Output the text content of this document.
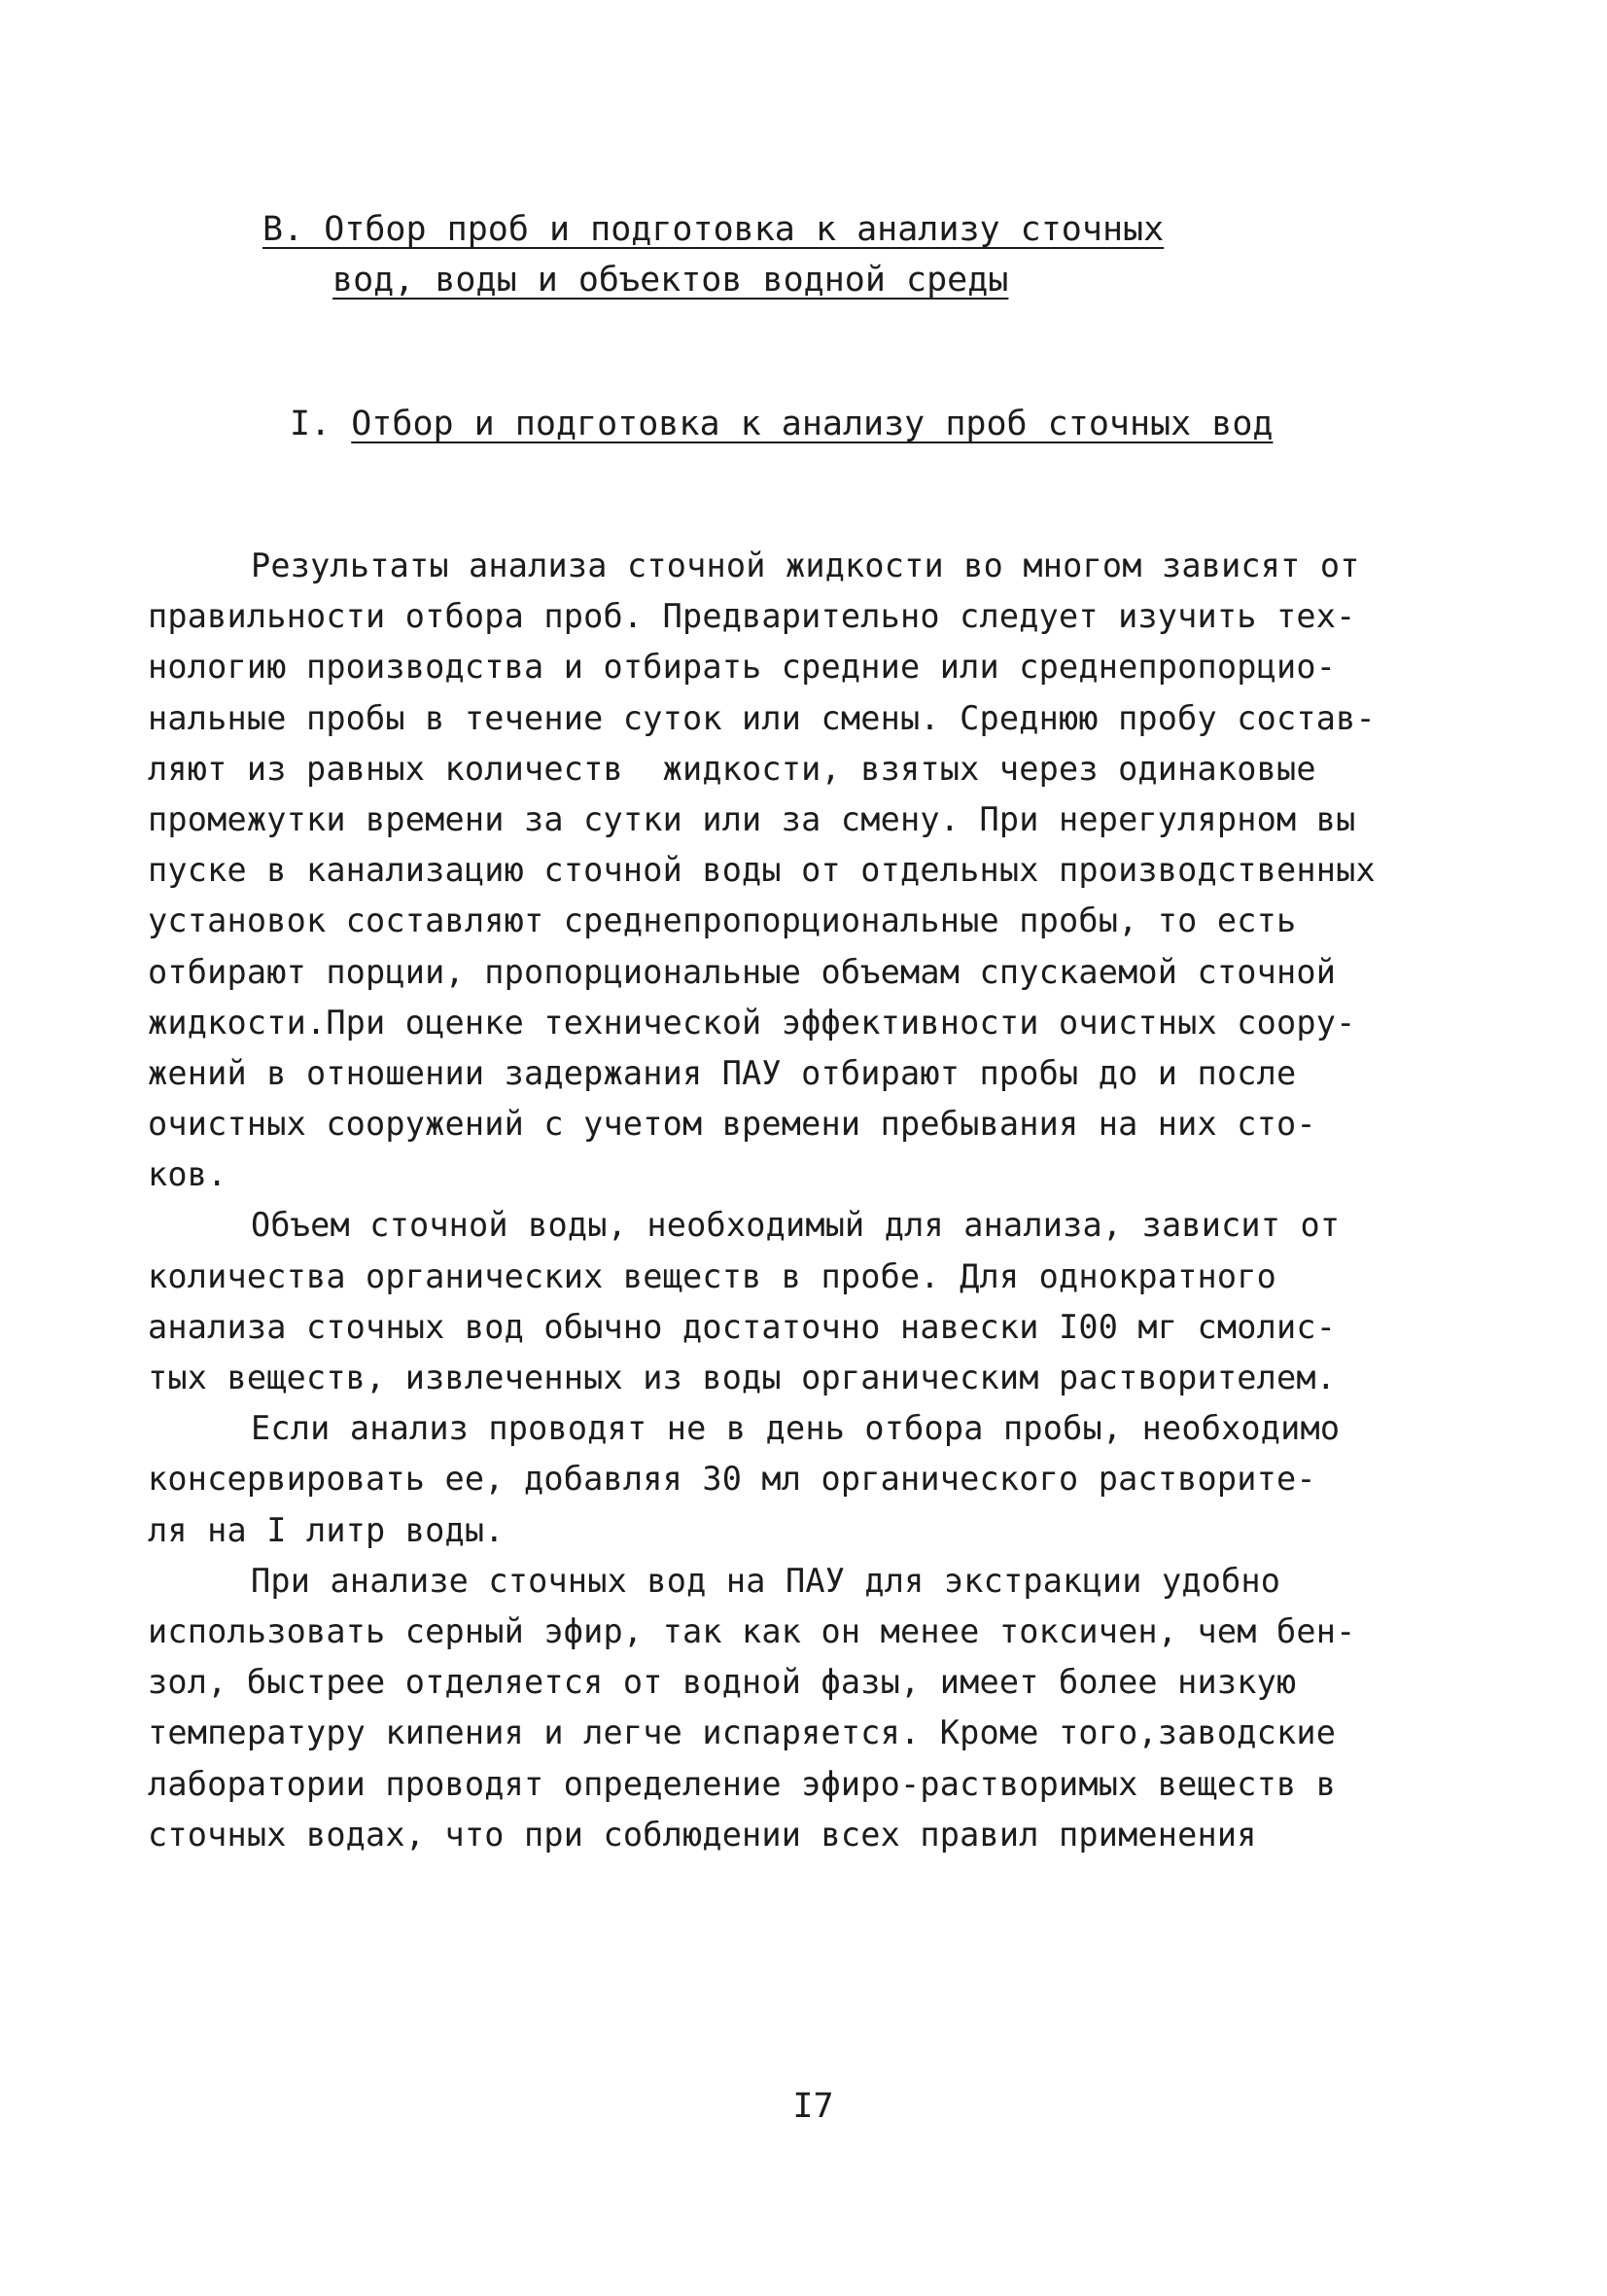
В. Отбор проб и подготовка к анализу сточных
вод, воды и объектов водной среды
I. Отбор и подготовка к анализу проб сточных вод
Результаты анализа сточной жидкости во многом зависят от
правильности отбора проб. Предварительно следует изучить тех-
нологию производства и отбирать средние или среднепропорцио-
нальные пробы в течение суток или смены. Среднюю пробу состав-
ляют из равных количеств  жидкости, взятых через одинаковые
промежутки времени за сутки или за смену. При нерегулярном вы
пуске в канализацию сточной воды от отдельных производственных
установок составляют среднепропорциональные пробы, то есть
отбирают порции, пропорциональные объемам спускаемой сточной
жидкости.При оценке технической эффективности очистных соору-
жений в отношении задержания ПАУ отбирают пробы до и после
очистных сооружений с учетом времени пребывания на них сто-
ков.
Объем сточной воды, необходимый для анализа, зависит от
количества органических веществ в пробе. Для однократного
анализа сточных вод обычно достаточно навески I00 мг смолис-
тых веществ, извлеченных из воды органическим растворителем.
Если анализ проводят не в день отбора пробы, необходимо
консервировать ее, добавляя 30 мл органического растворите-
ля на I литр воды.
При анализе сточных вод на ПАУ для экстракции удобно
использовать серный эфир, так как он менее токсичен, чем бен-
зол, быстрее отделяется от водной фазы, имеет более низкую
температуру кипения и легче испаряется. Кроме того,заводские
лаборатории проводят определение эфиро-растворимых веществ в
сточных водах, что при соблюдении всех правил применения
I7
